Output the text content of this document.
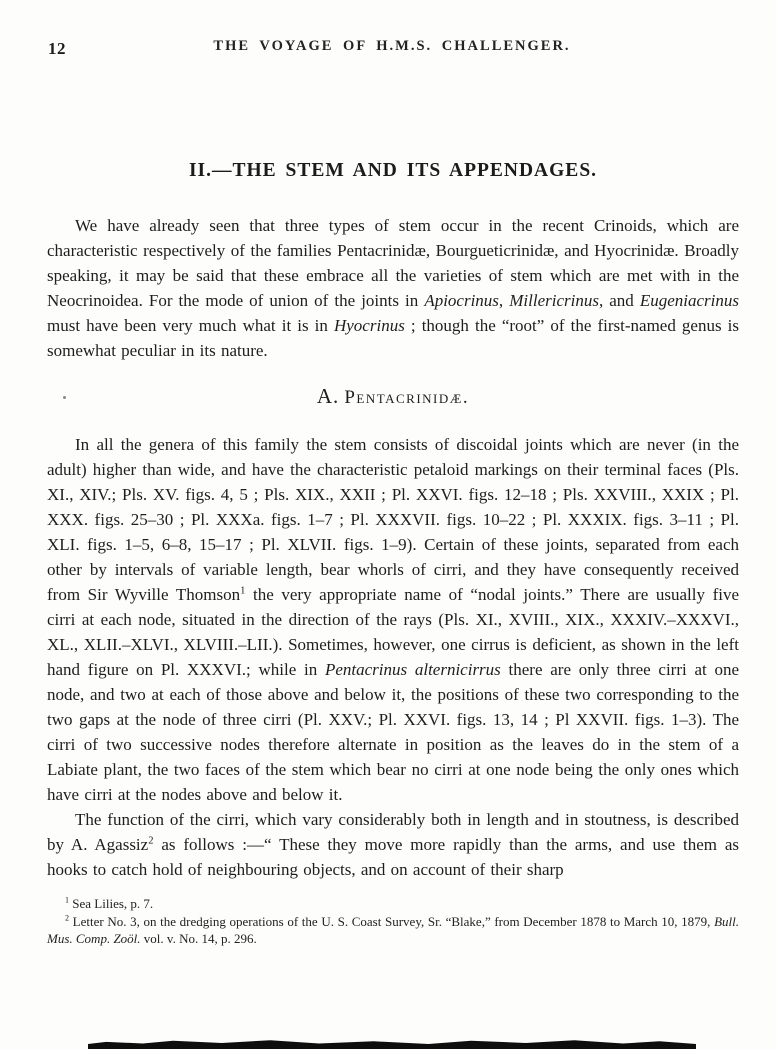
12	THE VOYAGE OF H.M.S. CHALLENGER.
II.—THE STEM AND ITS APPENDAGES.

We have already seen that three types of stem occur in the recent Crinoids, which are characteristic respectively of the families Pentacrinidæ, Bourgueticrinidæ, and Hyocrinidæ. Broadly speaking, it may be said that these embrace all the varieties of stem which are met with in the Neocrinoidea. For the mode of union of the joints in Apiocrinus, Millericrinus, and Eugeniacrinus must have been very much what it is in Hyocrinus ; though the “root” of the first-named genus is somewhat peculiar in its nature.

A. Pentacrinidæ.

In all the genera of this family the stem consists of discoidal joints which are never (in the adult) higher than wide, and have the characteristic petaloid markings on their terminal faces (Pls. XI., XIV.; Pls. XV. figs. 4, 5 ; Pls. XIX., XXII ; Pl. XXVI. figs. 12–18 ; Pls. XXVIII., XXIX ; Pl. XXX. figs. 25–30 ; Pl. XXXa. figs. 1–7 ; Pl. XXXVII. figs. 10–22 ; Pl. XXXIX. figs. 3–11 ; Pl. XLI. figs. 1–5, 6–8, 15–17 ; Pl. XLVII. figs. 1–9). Certain of these joints, separated from each other by intervals of variable length, bear whorls of cirri, and they have consequently received from Sir Wyville Thomson$^1$ the very appropriate name of “nodal joints.” There are usually five cirri at each node, situated in the direction of the rays (Pls. XI., XVIII., XIX., XXXIV.–XXXVI., XL., XLII.–XLVI., XLVIII.–LII.). Sometimes, however, one cirrus is deficient, as shown in the left hand figure on Pl. XXXVI.; while in Pentacrinus alternicirrus there are only three cirri at one node, and two at each of those above and below it, the positions of these two corresponding to the two gaps at the node of three cirri (Pl. XXV.; Pl. XXVI. figs. 13, 14 ; Pl XXVII. figs. 1–3). The cirri of two successive nodes therefore alternate in position as the leaves do in the stem of a Labiate plant, the two faces of the stem which bear no cirri at one node being the only ones which have cirri at the nodes above and below it.

The function of the cirri, which vary considerably both in length and in stoutness, is described by A. Agassiz$^2$ as follows :—“ These they move more rapidly than the arms, and use them as hooks to catch hold of neighbouring objects, and on account of their sharp

$^1$ Sea Lilies, p. 7.

$^2$ Letter No. 3, on the dredging operations of the U. S. Coast Survey, Sr. “Blake,” from December 1878 to March 10, 1879, Bull. Mus. Comp. Zoöl. vol. v. No. 14, p. 296.
